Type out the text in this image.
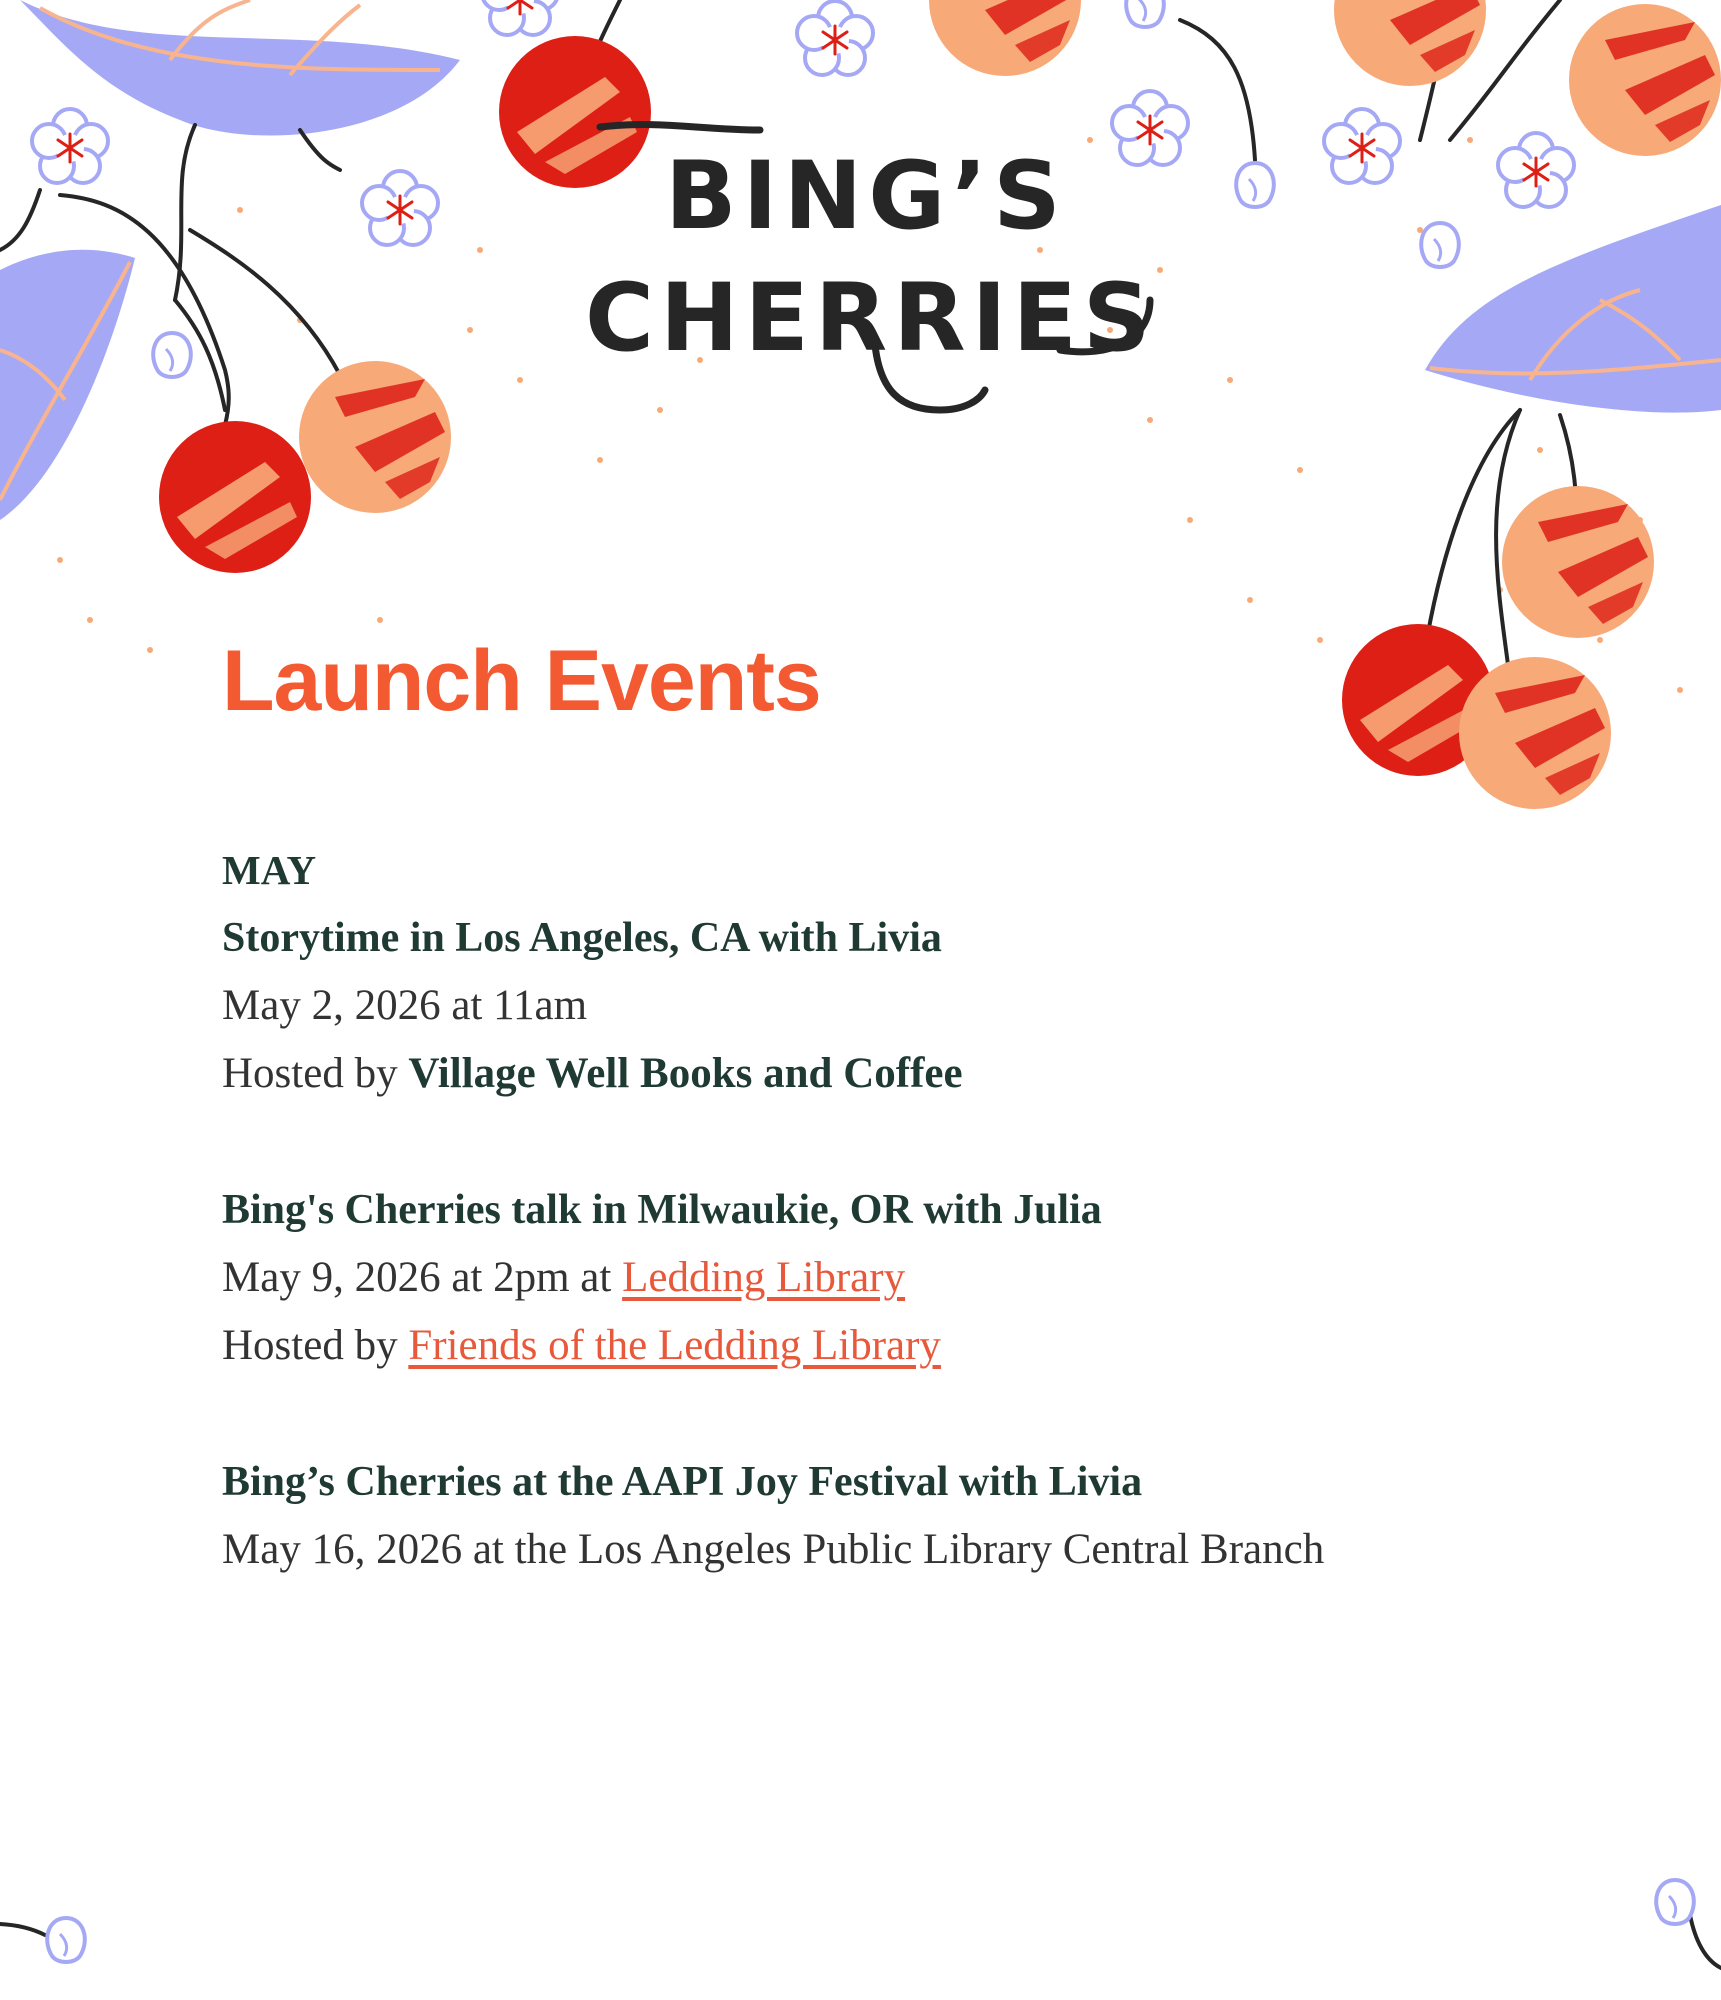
BING’S
CHERRIES
Launch Events
MAY
Storytime in Los Angeles, CA with Livia
May 2, 2026 at 11am
Hosted by Village Well Books and Coffee
Bing's Cherries talk in Milwaukie, OR with Julia
May 9, 2026 at 2pm at Ledding Library
Hosted by Friends of the Ledding Library
Bing’s Cherries at the AAPI Joy Festival with Livia
May 16, 2026 at the Los Angeles Public Library Central Branch
